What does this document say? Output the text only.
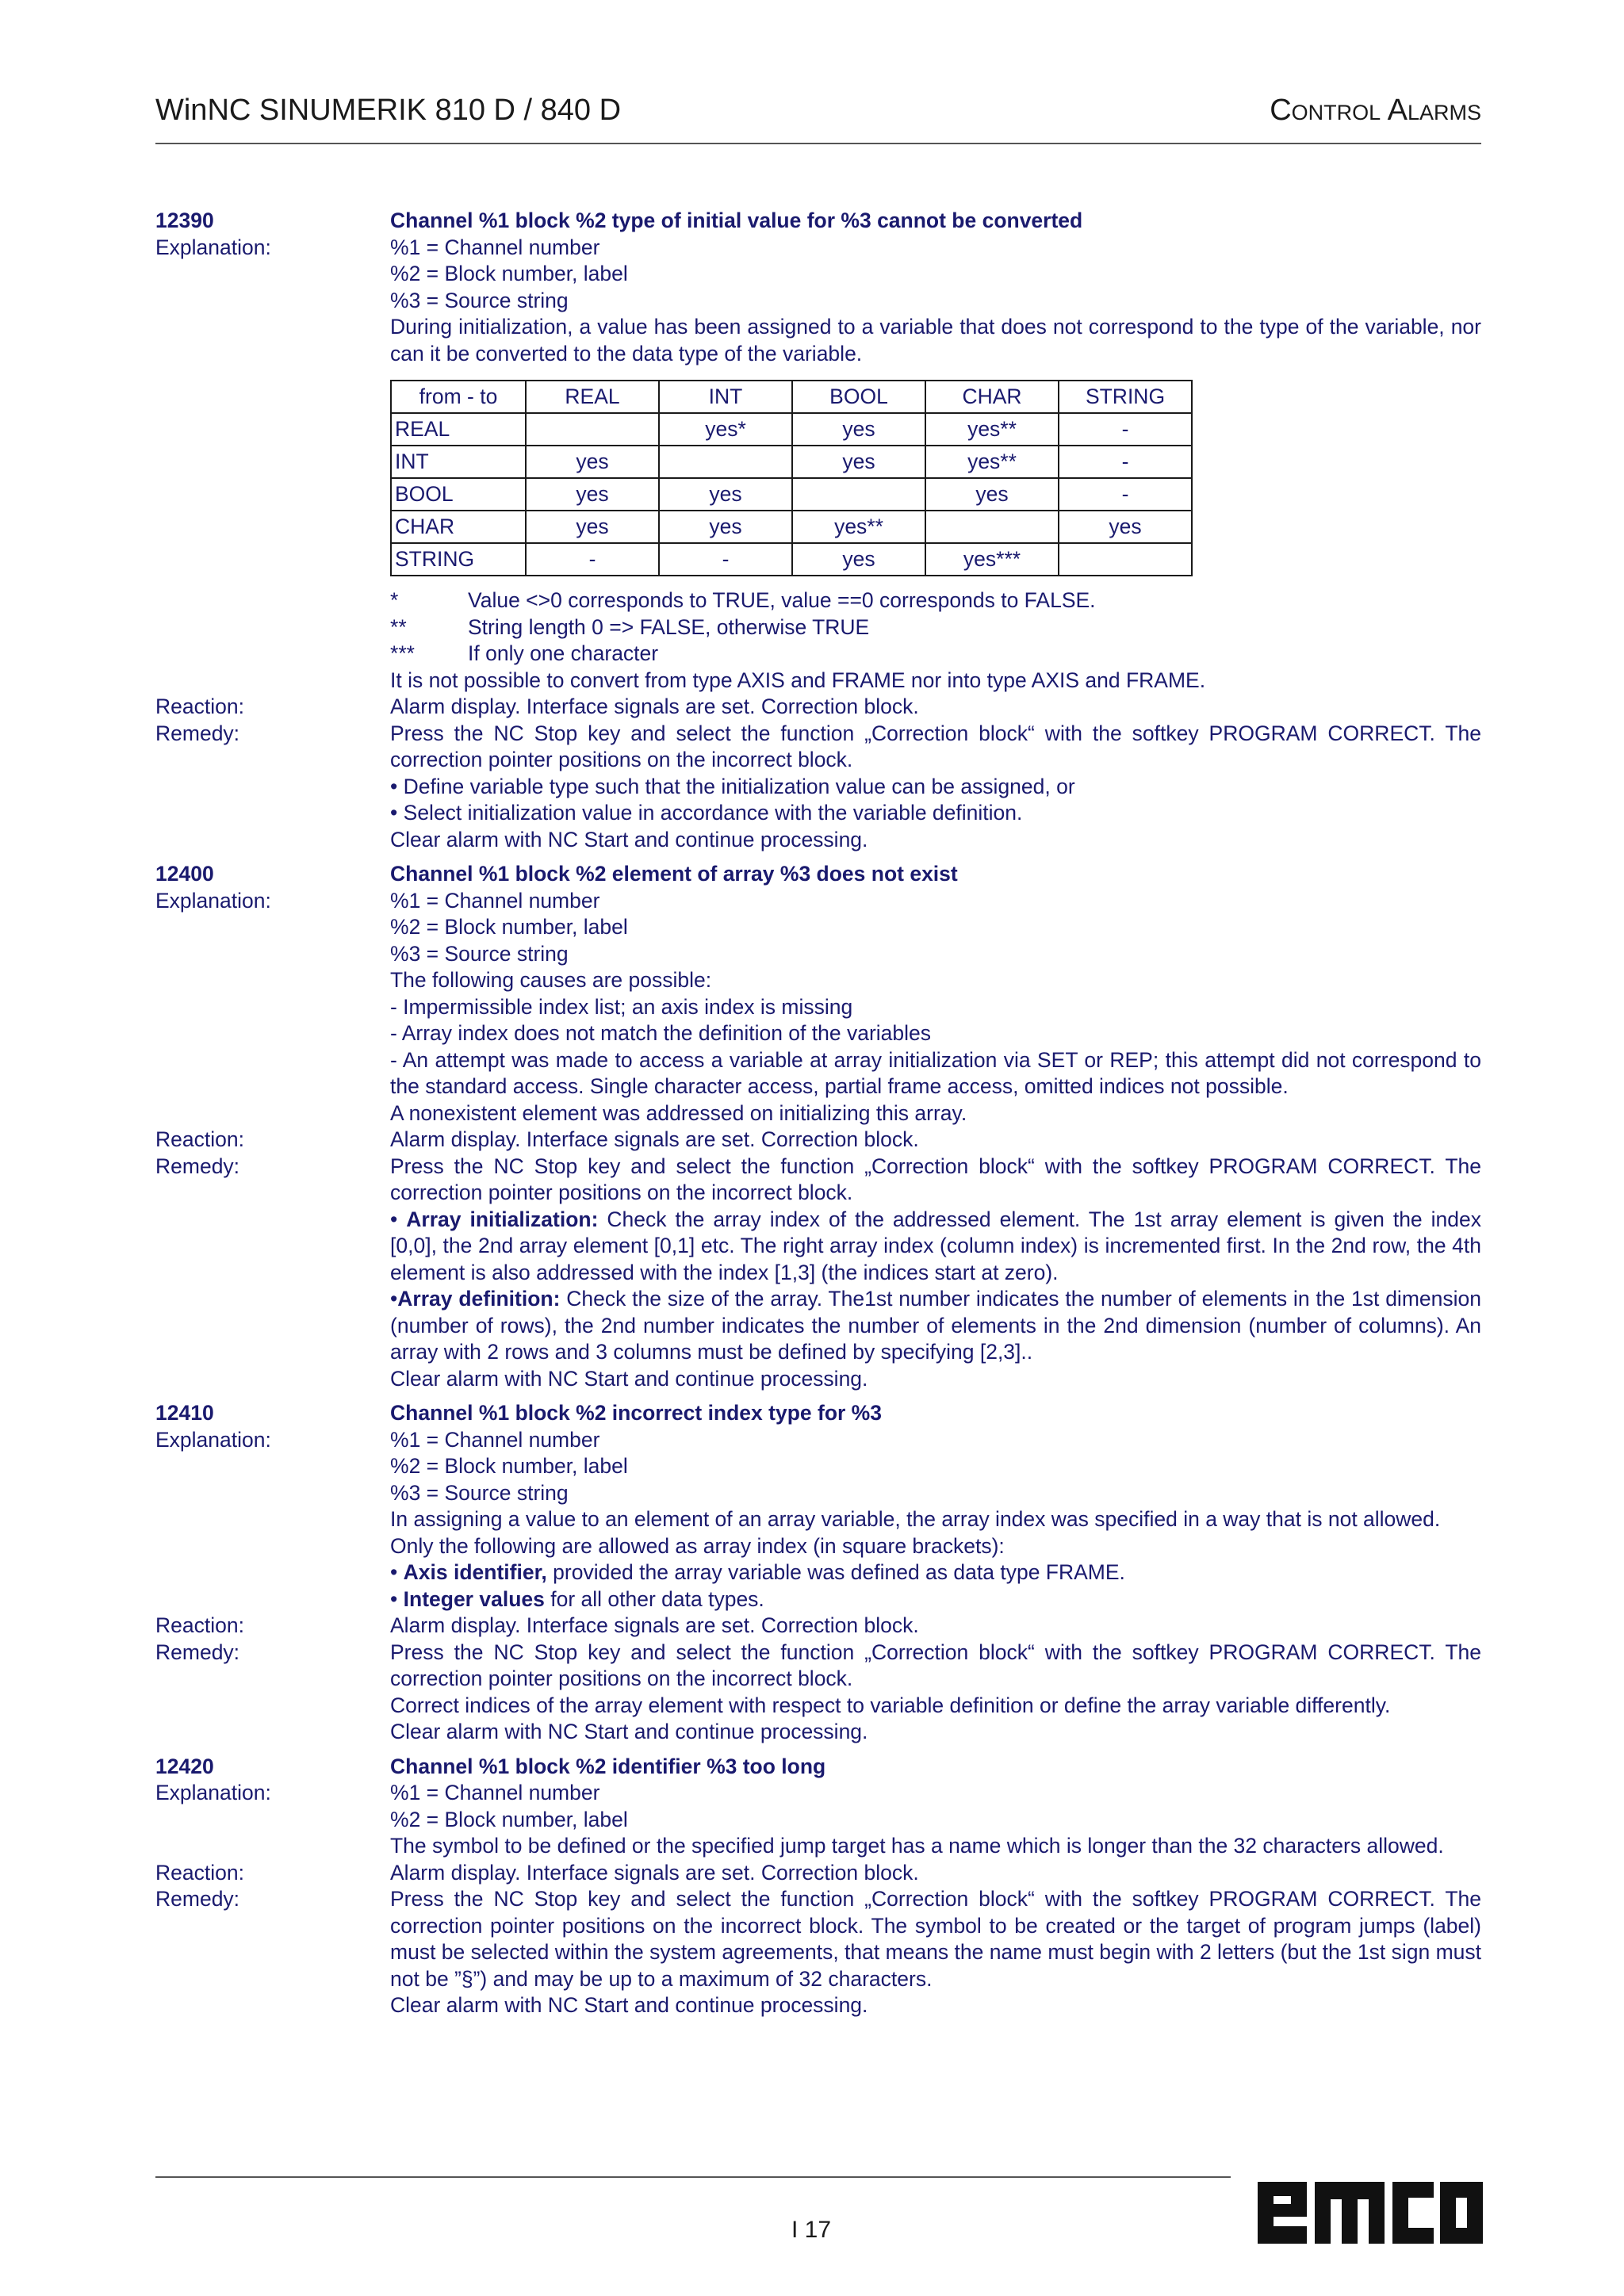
WinNC SINUMERIK 810 D / 840 D	Control Alarms
12390	Channel %1 block %2 type of initial value for %3 cannot be converted
Explanation:	%1 = Channel number
%2 = Block number, label
%3 = Source string
During initialization, a value has been assigned to a variable that does not correspond to the type of the variable, nor can it be converted to the data type of the variable.
from - to	REAL	INT	BOOL	CHAR	STRING
REAL		yes*	yes	yes**	-
INT	yes		yes	yes**	-
BOOL	yes	yes		yes	-
CHAR	yes	yes	yes**		yes
STRING	-	-	yes	yes***	
*	Value <>0 corresponds to TRUE, value ==0 corresponds to FALSE.
**	String length 0 => FALSE, otherwise TRUE
***	If only one character
It is not possible to convert from type AXIS and FRAME nor into type AXIS and FRAME.
Reaction:	Alarm display. Interface signals are set. Correction block.
Remedy:	Press the NC Stop key and select the function „Correction block“ with the softkey PROGRAM CORRECT. The correction pointer positions on the incorrect block.
• Define variable type such that the initialization value can be assigned, or
• Select initialization value in accordance with the variable definition.
Clear alarm with NC Start and continue processing.
12400	Channel %1 block %2 element of array %3 does not exist
Explanation:	%1 = Channel number
%2 = Block number, label
%3 = Source string
The following causes are possible:
- Impermissible index list; an axis index is missing
- Array index does not match the definition of the variables
- An attempt was made to access a variable at array initialization via SET or REP; this attempt did not correspond to the standard access. Single character access, partial frame access, omitted indices not possible.
A nonexistent element was addressed on initializing this array.
Reaction:	Alarm display. Interface signals are set. Correction block.
Remedy:	Press the NC Stop key and select the function „Correction block“ with the softkey PROGRAM CORRECT. The correction pointer positions on the incorrect block.
• Array initialization: Check the array index of the addressed element. The 1st array element is given the index [0,0], the 2nd array element [0,1] etc. The right array index (column index) is incremented first. In the 2nd row, the 4th element is also addressed with the index [1,3] (the indices start at zero).
•Array definition: Check the size of the array. The1st number indicates the number of elements in the 1st dimension (number of rows), the 2nd number indicates the number of elements in the 2nd dimension (number of columns). An array with 2 rows and 3 columns must be defined by specifying [2,3]..
Clear alarm with NC Start and continue processing.
12410	Channel %1 block %2 incorrect index type for %3
Explanation:	%1 = Channel number
%2 = Block number, label
%3 = Source string
In assigning a value to an element of an array variable, the array index was specified in a way that is not allowed.
Only the following are allowed as array index (in square brackets):
• Axis identifier, provided the array variable was defined as data type FRAME.
• Integer values for all other data types.
Reaction:	Alarm display. Interface signals are set. Correction block.
Remedy:	Press the NC Stop key and select the function „Correction block“ with the softkey PROGRAM CORRECT. The correction pointer positions on the incorrect block.
Correct indices of the array element with respect to variable definition or define the array variable differently.
Clear alarm with NC Start and continue processing.
12420	Channel %1 block %2 identifier %3 too long
Explanation:	%1 = Channel number
%2 = Block number, label
The symbol to be defined or the specified jump target has a name which is longer than the 32 characters allowed.
Reaction:	Alarm display. Interface signals are set. Correction block.
Remedy:	Press the NC Stop key and select the function „Correction block“ with the softkey PROGRAM CORRECT. The correction pointer positions on the incorrect block. The symbol to be created or the target of program jumps (label) must be selected within the system agreements, that means the name must begin with 2 letters (but the 1st sign must not be ”§”) and may be up to a maximum of 32 characters.
Clear alarm with NC Start and continue processing.
I 17
